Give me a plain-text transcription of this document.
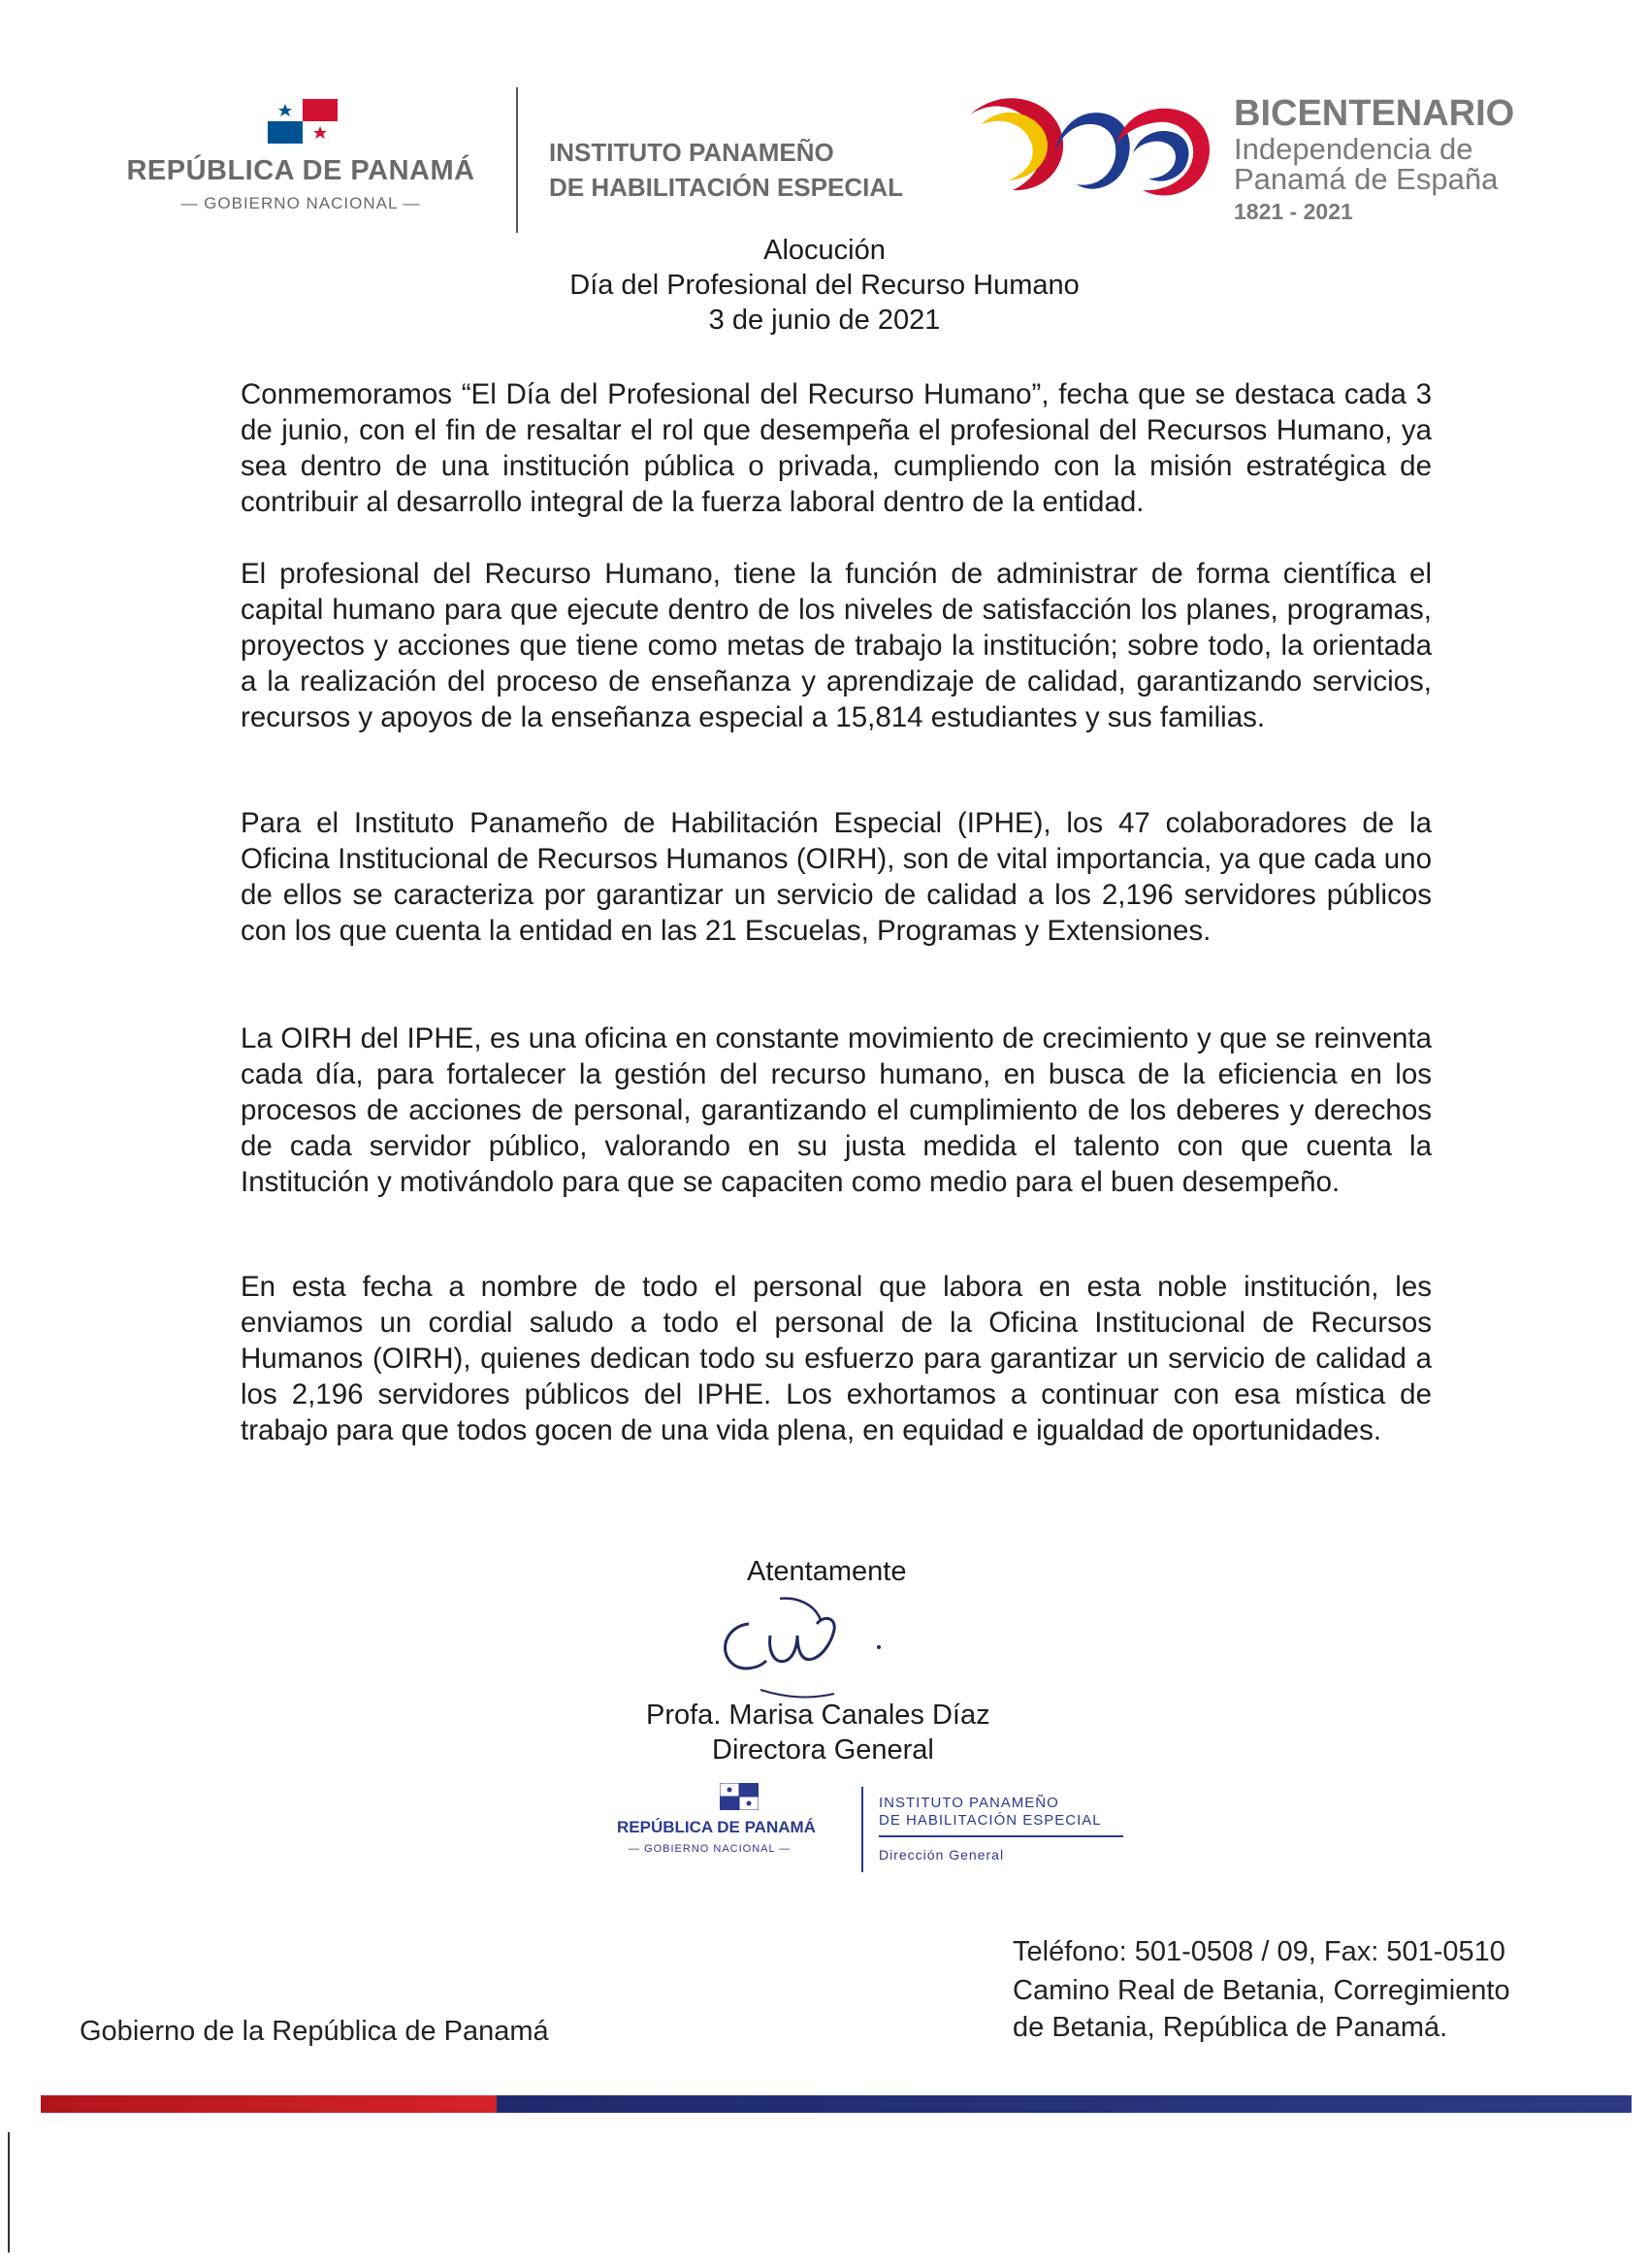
REPÚBLICA DE PANAMÁ
— GOBIERNO NACIONAL —
INSTITUTO PANAMEÑO
DE HABILITACIÓN ESPECIAL
BICENTENARIO
Independencia de
Panamá de España
1821 - 2021
Alocución
Día del Profesional del Recurso Humano
3 de junio de 2021

Conmemoramos “El Día del Profesional del Recurso Humano”, fecha que se destaca cada 3 de junio, con el fin de resaltar el rol que desempeña el profesional del Recursos Humano, ya sea dentro de una institución pública o privada, cumpliendo con la misión estratégica de contribuir al desarrollo integral de la fuerza laboral dentro de la entidad.

El profesional del Recurso Humano, tiene la función de administrar de forma científica el capital humano para que ejecute dentro de los niveles de satisfacción los planes, programas, proyectos y acciones que tiene como metas de trabajo la institución; sobre todo, la orientada a la realización del proceso de enseñanza y aprendizaje de calidad, garantizando servicios, recursos y apoyos de la enseñanza especial a 15,814 estudiantes y sus familias.

Para el Instituto Panameño de Habilitación Especial (IPHE), los 47 colaboradores de la Oficina Institucional de Recursos Humanos (OIRH), son de vital importancia, ya que cada uno de ellos se caracteriza por garantizar un servicio de calidad a los 2,196 servidores públicos con los que cuenta la entidad en las 21 Escuelas, Programas y Extensiones.

La OIRH del IPHE, es una oficina en constante movimiento de crecimiento y que se reinventa cada día, para fortalecer la gestión del recurso humano, en busca de la eficiencia en los procesos de acciones de personal, garantizando el cumplimiento de los deberes y derechos de cada servidor público, valorando en su justa medida el talento con que cuenta la Institución y motivándolo para que se capaciten como medio para el buen desempeño.

En esta fecha a nombre de todo el personal que labora en esta noble institución, les enviamos un cordial saludo a todo el personal de la Oficina Institucional de Recursos Humanos (OIRH), quienes dedican todo su esfuerzo para garantizar un servicio de calidad a los 2,196 servidores públicos del IPHE. Los exhortamos a continuar con esa mística de trabajo para que todos gocen de una vida plena, en equidad e igualdad de oportunidades.

Atentamente
Profa. Marisa Canales Díaz
Directora General
REPÚBLICA DE PANAMÁ
— GOBIERNO NACIONAL —
INSTITUTO PANAMEÑO
DE HABILITACIÓN ESPECIAL
Dirección General
Teléfono: 501-0508 / 09, Fax: 501-0510
Camino Real de Betania, Corregimiento
de Betania, República de Panamá.
Gobierno de la República de Panamá
